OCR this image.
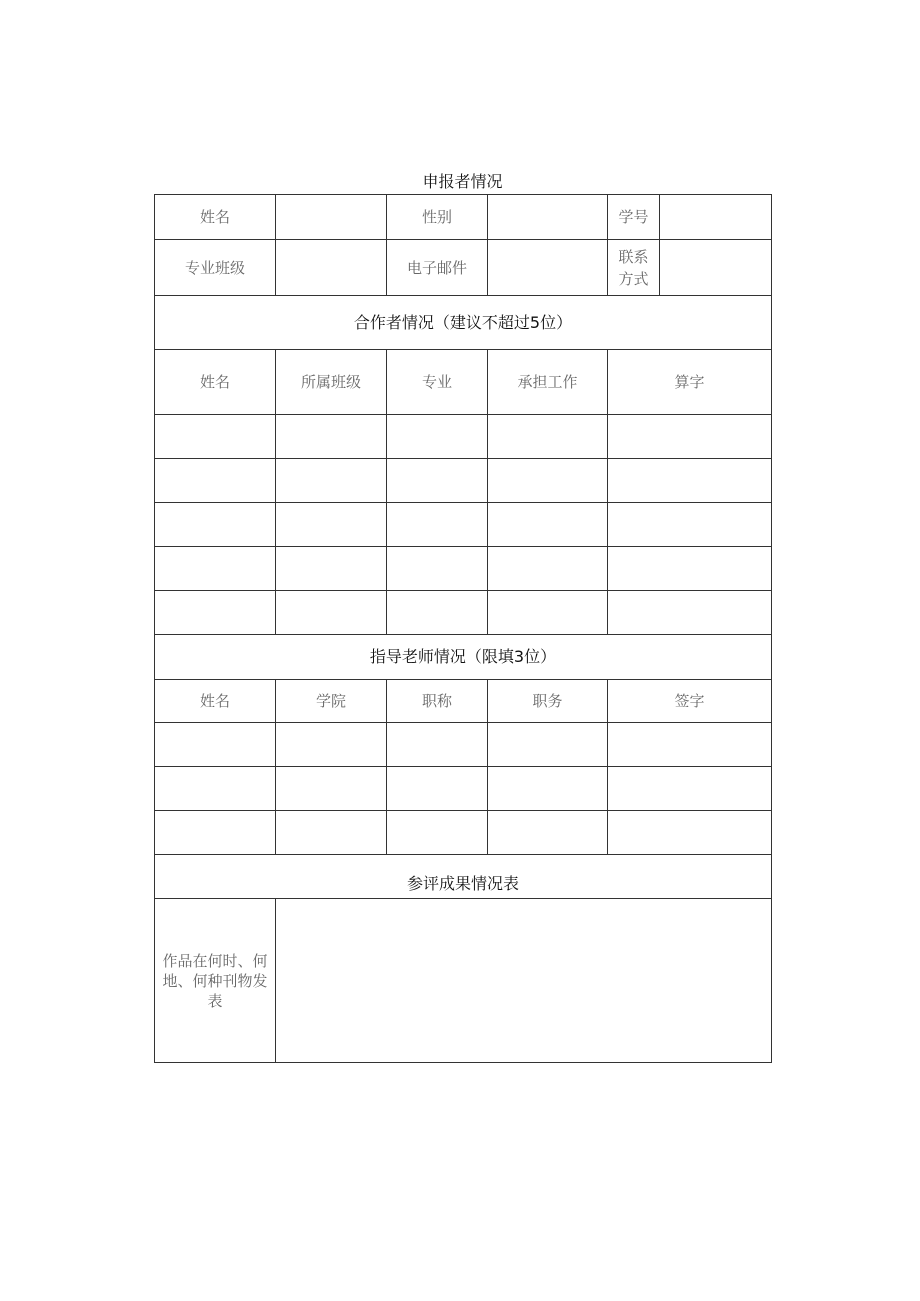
申报者情况
姓名		性别		学号	
专业班级		电子邮件		联系
方式	
合作者情况（建议不超过5位）					
姓名	所属班级	专业	承担工作	算字	

指导老师情况（限填3位）					
姓名	学院	职称	职务	签字	

参评成果情况表					
作品在何时、何地、何种刊物发表					
